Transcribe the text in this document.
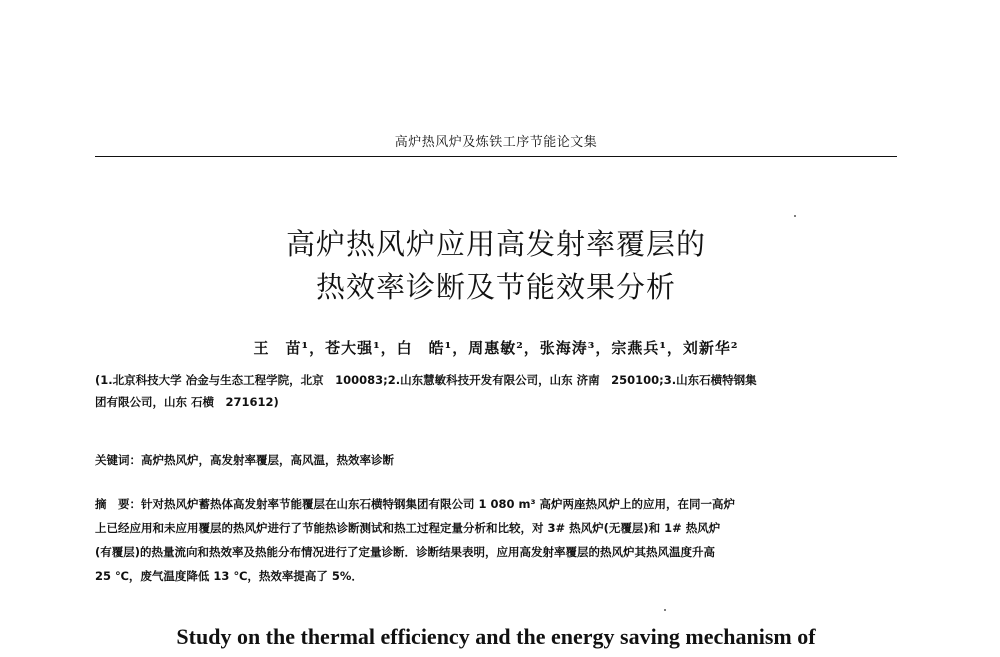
高炉热风炉及炼铁工序节能论文集
高炉热风炉应用高发射率覆层的
热效率诊断及节能效果分析
王　苗¹，苍大强¹，白　皓¹，周惠敏²，张海涛³，宗燕兵¹，刘新华²
(1.北京科技大学 冶金与生态工程学院，北京　100083;2.山东慧敏科技开发有限公司，山东 济南　250100;3.山东石横特钢集
团有限公司，山东 石横　271612)
关键词：高炉热风炉，高发射率覆层，高风温，热效率诊断
摘　要：针对热风炉蓄热体高发射率节能覆层在山东石横特钢集团有限公司 1 080 m³ 高炉两座热风炉上的应用，在同一高炉
上已经应用和未应用覆层的热风炉进行了节能热诊断测试和热工过程定量分析和比较，对 3# 热风炉(无覆层)和 1# 热风炉
(有覆层)的热量流向和热效率及热能分布情况进行了定量诊断．诊断结果表明，应用高发射率覆层的热风炉其热风温度升高
25 ℃，废气温度降低 13 ℃，热效率提高了 5%．
Study on the thermal efficiency and the energy saving mechanism of
